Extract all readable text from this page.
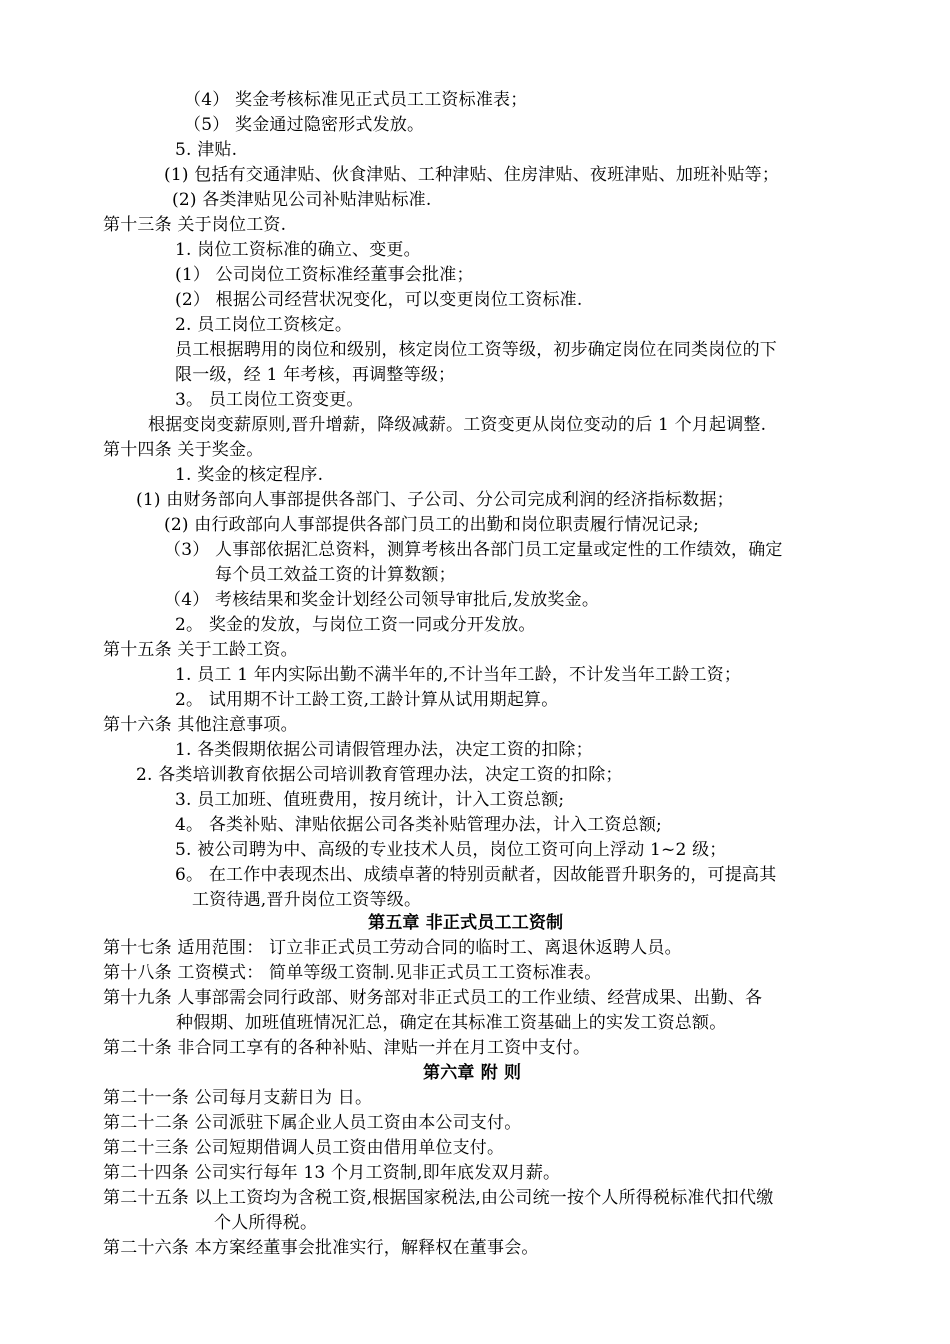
（4） 奖金考核标准见正式员工工资标准表；
（5） 奖金通过隐密形式发放。
5. 津贴.
(1) 包括有交通津贴、伙食津贴、工种津贴、住房津贴、夜班津贴、加班补贴等；
(2) 各类津贴见公司补贴津贴标准.
第十三条 关于岗位工资.
1. 岗位工资标准的确立、变更。
(1） 公司岗位工资标准经董事会批准；
(2） 根据公司经营状况变化，可以变更岗位工资标准.
2. 员工岗位工资核定。
员工根据聘用的岗位和级别，核定岗位工资等级，初步确定岗位在同类岗位的下
限一级，经 1 年考核，再调整等级；
3。 员工岗位工资变更。
根据变岗变薪原则,晋升增薪，降级减薪。工资变更从岗位变动的后 1 个月起调整.
第十四条 关于奖金。
1. 奖金的核定程序.
(1) 由财务部向人事部提供各部门、子公司、分公司完成利润的经济指标数据；
(2) 由行政部向人事部提供各部门员工的出勤和岗位职责履行情况记录;
（3） 人事部依据汇总资料，测算考核出各部门员工定量或定性的工作绩效，确定
每个员工效益工资的计算数额；
（4） 考核结果和奖金计划经公司领导审批后,发放奖金。
2。 奖金的发放，与岗位工资一同或分开发放。
第十五条 关于工龄工资。
1. 员工 1 年内实际出勤不满半年的,不计当年工龄，不计发当年工龄工资；
2。 试用期不计工龄工资,工龄计算从试用期起算。
第十六条 其他注意事项。
1. 各类假期依据公司请假管理办法，决定工资的扣除；
2. 各类培训教育依据公司培训教育管理办法，决定工资的扣除；
3. 员工加班、值班费用，按月统计，计入工资总额;
4。 各类补贴、津贴依据公司各类补贴管理办法，计入工资总额;
5. 被公司聘为中、高级的专业技术人员，岗位工资可向上浮动 1~2 级；
6。 在工作中表现杰出、成绩卓著的特别贡献者，因故能晋升职务的，可提高其
工资待遇,晋升岗位工资等级。
第五章 非正式员工工资制
第十七条 适用范围： 订立非正式员工劳动合同的临时工、离退休返聘人员。
第十八条 工资模式： 简单等级工资制.见非正式员工工资标准表。
第十九条 人事部需会同行政部、财务部对非正式员工的工作业绩、经营成果、出勤、各
种假期、加班值班情况汇总，确定在其标准工资基础上的实发工资总额。
第二十条 非合同工享有的各种补贴、津贴一并在月工资中支付。
第六章 附 则
第二十一条 公司每月支薪日为 日。
第二十二条 公司派驻下属企业人员工资由本公司支付。
第二十三条 公司短期借调人员工资由借用单位支付。
第二十四条 公司实行每年 13 个月工资制,即年底发双月薪。
第二十五条 以上工资均为含税工资,根据国家税法,由公司统一按个人所得税标准代扣代缴
个人所得税。
第二十六条 本方案经董事会批准实行，解释权在董事会。
